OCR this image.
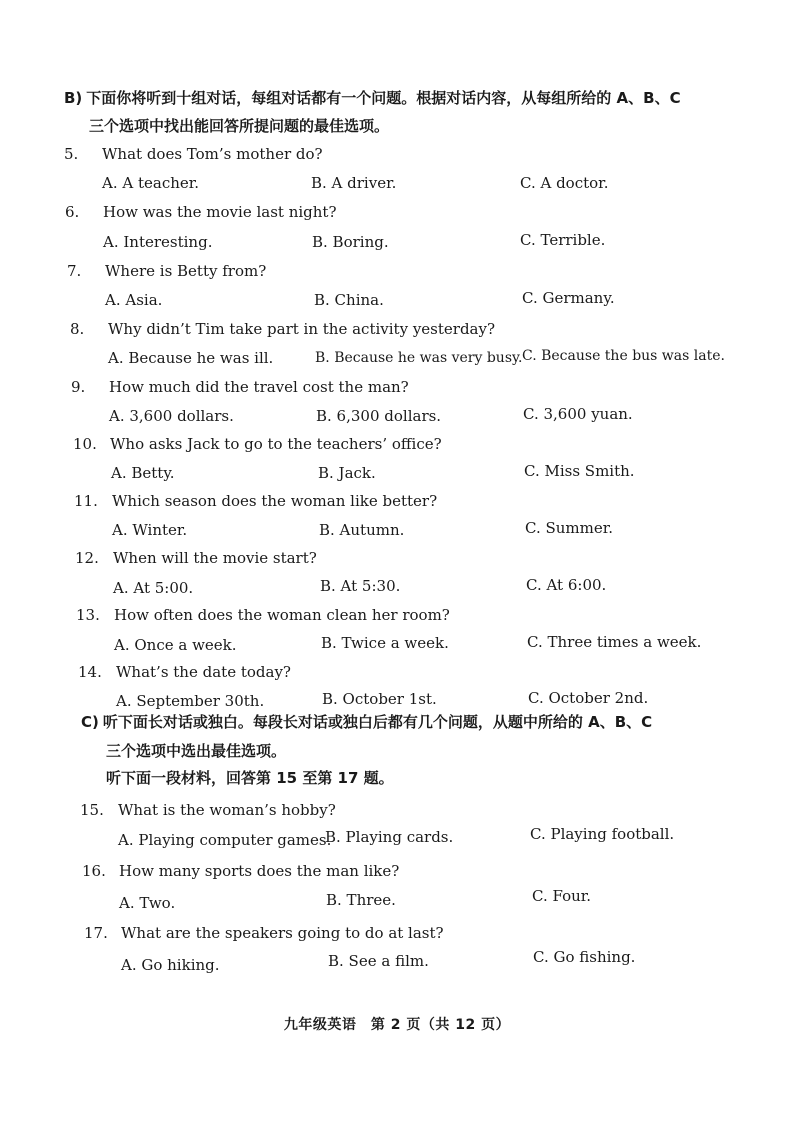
B) 下面你将听到十组对话，每组对话都有一个问题。根据对话内容，从每组所给的 A、B、C
三个选项中找出能回答所提问题的最佳选项。
5. What does Tom’s mother do?
A. A teacher.	B. A driver.	C. A doctor.
6. How was the movie last night?
A. Interesting.	B. Boring.	C. Terrible.
7. Where is Betty from?
A. Asia.	B. China.	C. Germany.
8. Why didn’t Tim take part in the activity yesterday?
A. Because he was ill.	B. Because he was very busy. C. Because the bus was late.
9. How much did the travel cost the man?
A. 3,600 dollars.	B. 6,300 dollars.	C. 3,600 yuan.
10. Who asks Jack to go to the teachers’ office?
A. Betty.	B. Jack.	C. Miss Smith.
11. Which season does the woman like better?
A. Winter.	B. Autumn.	C. Summer.
12. When will the movie start?
A. At 5:00.	B. At 5:30.	C. At 6:00.
13. How often does the woman clean her room?
A. Once a week.	B. Twice a week.	C. Three times a week.
14. What’s the date today?
A. September 30th.	B. October 1st.	C. October 2nd.
C) 听下面长对话或独白。每段长对话或独白后都有几个问题，从题中所给的 A、B、C
三个选项中选出最佳选项。
听下面一段材料，回答第 15 至第 17 题。
15. What is the woman’s hobby?
A. Playing computer games.
B. Playing cards.	C. Playing football.
16. How many sports does the man like?
A. Two.	B. Three.	C. Four.
17. What are the speakers going to do at last?
A. Go hiking.	B. See a film.	C. Go fishing.
九年级英语　第 2 页（共 12 页）
